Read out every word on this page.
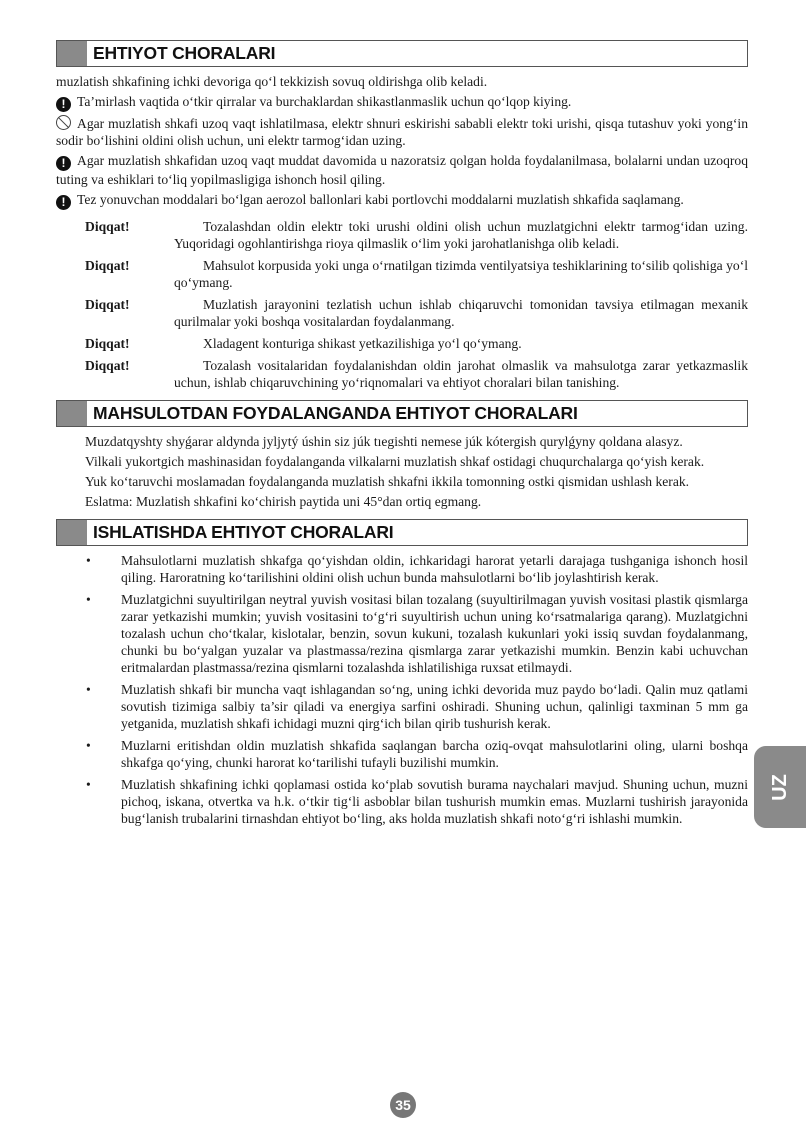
EHTIYOT CHORALARI

muzlatish shkafining ichki devoriga qo‘l tekkizish sovuq oldirishga olib keladi.

! Ta’mirlash vaqtida o‘tkir qirralar va burchaklardan shikastlanmaslik uchun qo‘lqop kiying.

Agar muzlatish shkafi uzoq vaqt ishlatilmasa, elektr shnuri eskirishi sababli elektr toki urishi, qisqa tutashuv yoki yong‘in sodir bo‘lishini oldini olish uchun, uni elektr tarmog‘idan uzing.

! Agar muzlatish shkafidan uzoq vaqt muddat davomida u nazoratsiz qolgan holda foydalanilmasa, bolalarni undan uzoqroq tuting va eshiklari to‘liq yopilmasligiga ishonch hosil qiling.

! Tez yonuvchan moddalari bo‘lgan aerozol ballonlari kabi portlovchi moddalarni muzlatish shkafida saqlamang.

Diqqat!	Tozalashdan oldin elektr toki urushi oldini olish uchun muzlatgichni elektr tarmog‘idan uzing. Yuqoridagi ogohlantirishga rioya qilmaslik o‘lim yoki jarohatlanishga olib keladi.
Diqqat!	Mahsulot korpusida yoki unga o‘rnatilgan tizimda ventilyatsiya teshiklarining to‘silib qolishiga yo‘l qo‘ymang.
Diqqat!	Muzlatish jarayonini tezlatish uchun ishlab chiqaruvchi tomonidan tavsiya etilmagan mexanik qurilmalar yoki boshqa vositalardan foydalanmang.
Diqqat!	Xladagent konturiga shikast yetkazilishiga yo‘l qo‘ymang.
Diqqat!	Tozalash vositalaridan foydalanishdan oldin jarohat olmaslik va mahsulotga zarar yetkazmaslik uchun, ishlab chiqaruvchining yo‘riqnomalari va ehtiyot choralari bilan tanishing.
MAHSULOTDAN FOYDALANGANDA EHTIYOT CHORALARI

Muzdatqyshty shyǵarar aldynda jyljytý úshin siz júk tıegishti nemese júk kótergish qurylǵyny qoldana alasyz.

Vilkali yukortgich mashinasidan foydalanganda vilkalarni muzlatish shkaf ostidagi chuqurchalarga qo‘yish kerak.

Yuk ko‘taruvchi moslamadan foydalanganda muzlatish shkafni ikkila tomonning ostki qismidan ushlash kerak.

Eslatma: Muzlatish shkafini ko‘chirish paytida uni 45°dan ortiq egmang.

ISHLATISHDA EHTIYOT CHORALARI
•	Mahsulotlarni muzlatish shkafga qo‘yishdan oldin, ichkaridagi harorat yetarli darajaga tushganiga ishonch hosil qiling. Haroratning ko‘tarilishini oldini olish uchun bunda mahsulotlarni bo‘lib joylashtirish kerak.
•	Muzlatgichni suyultirilgan neytral yuvish vositasi bilan tozalang (suyultirilmagan yuvish vositasi plastik qismlarga zarar yetkazishi mumkin; yuvish vositasini to‘g‘ri suyultirish uchun uning ko‘rsatmalariga qarang). Muzlatgichni tozalash uchun cho‘tkalar, kislotalar, benzin, sovun kukuni, tozalash kukunlari yoki issiq suvdan foydalanmang, chunki bu bo‘yalgan yuzalar va plastmassa/rezina qismlarga zarar yetkazishi mumkin. Benzin kabi uchuvchan eritmalardan plastmassa/rezina qismlarni tozalashda ishlatilishiga ruxsat etilmaydi.
•	Muzlatish shkafi bir muncha vaqt ishlagandan so‘ng, uning ichki devorida muz paydo bo‘ladi. Qalin muz qatlami sovutish tizimiga salbiy ta’sir qiladi va energiya sarfini oshiradi. Shuning uchun, qalinligi taxminan 5 mm ga yetganida, muzlatish shkafi ichidagi muzni qirg‘ich bilan qirib tushurish kerak.
•	Muzlarni eritishdan oldin muzlatish shkafida saqlangan barcha oziq-ovqat mahsulotlarini oling, ularni boshqa shkafga qo‘ying, chunki harorat ko‘tarilishi tufayli buzilishi mumkin.
•	Muzlatish shkafining ichki qoplamasi ostida ko‘plab sovutish burama naychalari mavjud. Shuning uchun, muzni pichoq, iskana, otvertka va h.k. o‘tkir tig‘li asboblar bilan tushurish mumkin emas. Muzlarni tushirish jarayonida bug‘lanish trubalarini tirnashdan ehtiyot bo‘ling, aks holda muzlatish shkafi noto‘g‘ri ishlashi mumkin.
UZ
35
